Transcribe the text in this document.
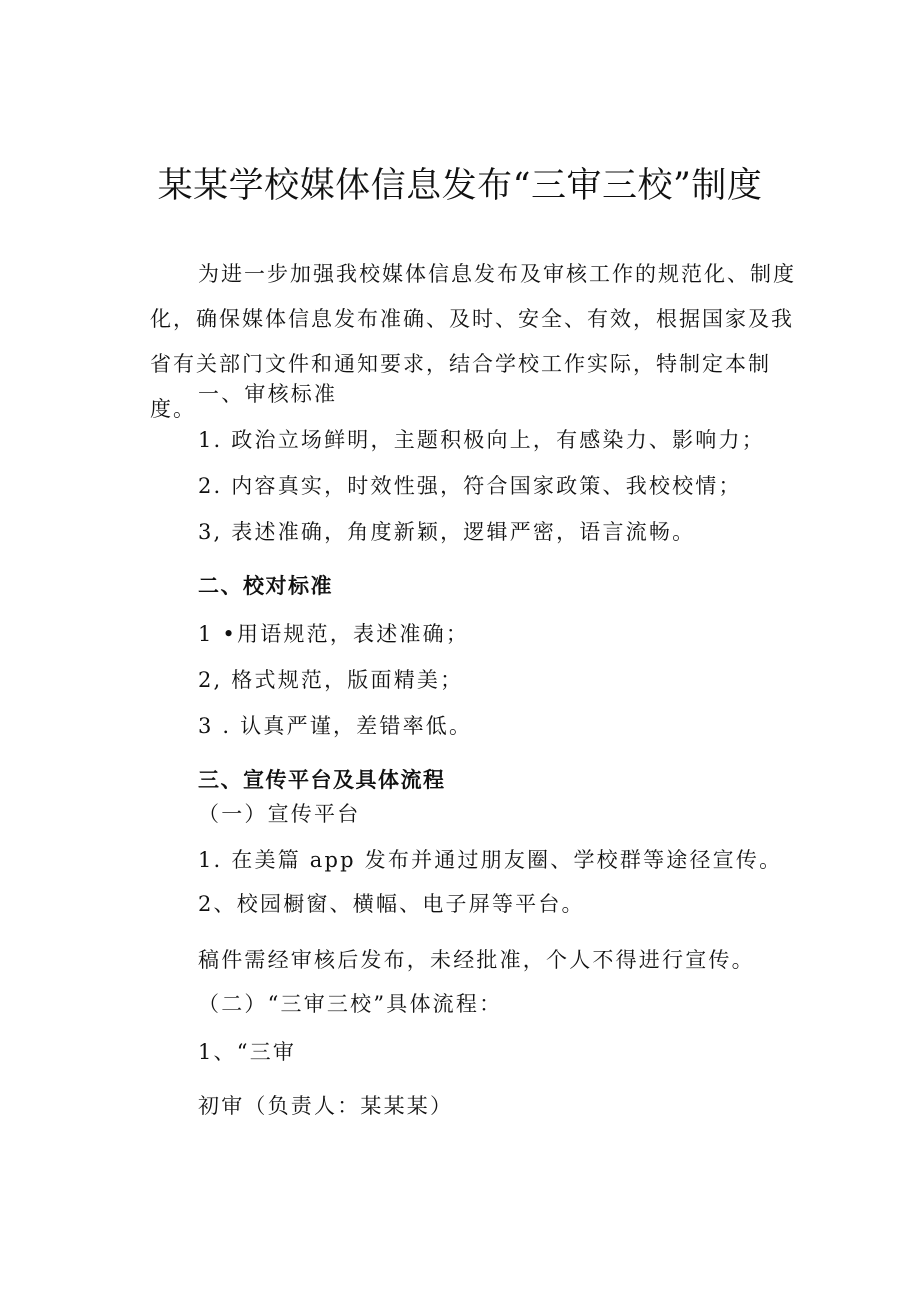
某某学校媒体信息发布“三审三校”制度
为进一步加强我校媒体信息发布及审核工作的规范化、制度化，确保媒体信息发布准确、及时、安全、有效，根据国家及我省有关部门文件和通知要求，结合学校工作实际，特制定本制度。
一、审核标准
1. 政治立场鲜明，主题积极向上，有感染力、影响力；
2. 内容真实，时效性强，符合国家政策、我校校情；
3, 表述准确，角度新颖，逻辑严密，语言流畅。
二、校对标准
1 •用语规范，表述准确；
2, 格式规范，版面精美；
3 . 认真严谨，差错率低。
三、宣传平台及具体流程
（一）宣传平台
1. 在美篇 app 发布并通过朋友圈、学校群等途径宣传。
2、校园橱窗、横幅、电子屏等平台。
稿件需经审核后发布，未经批准，个人不得进行宣传。
（二）“三审三校”具体流程：
1、“三审
初审（负责人：某某某）
